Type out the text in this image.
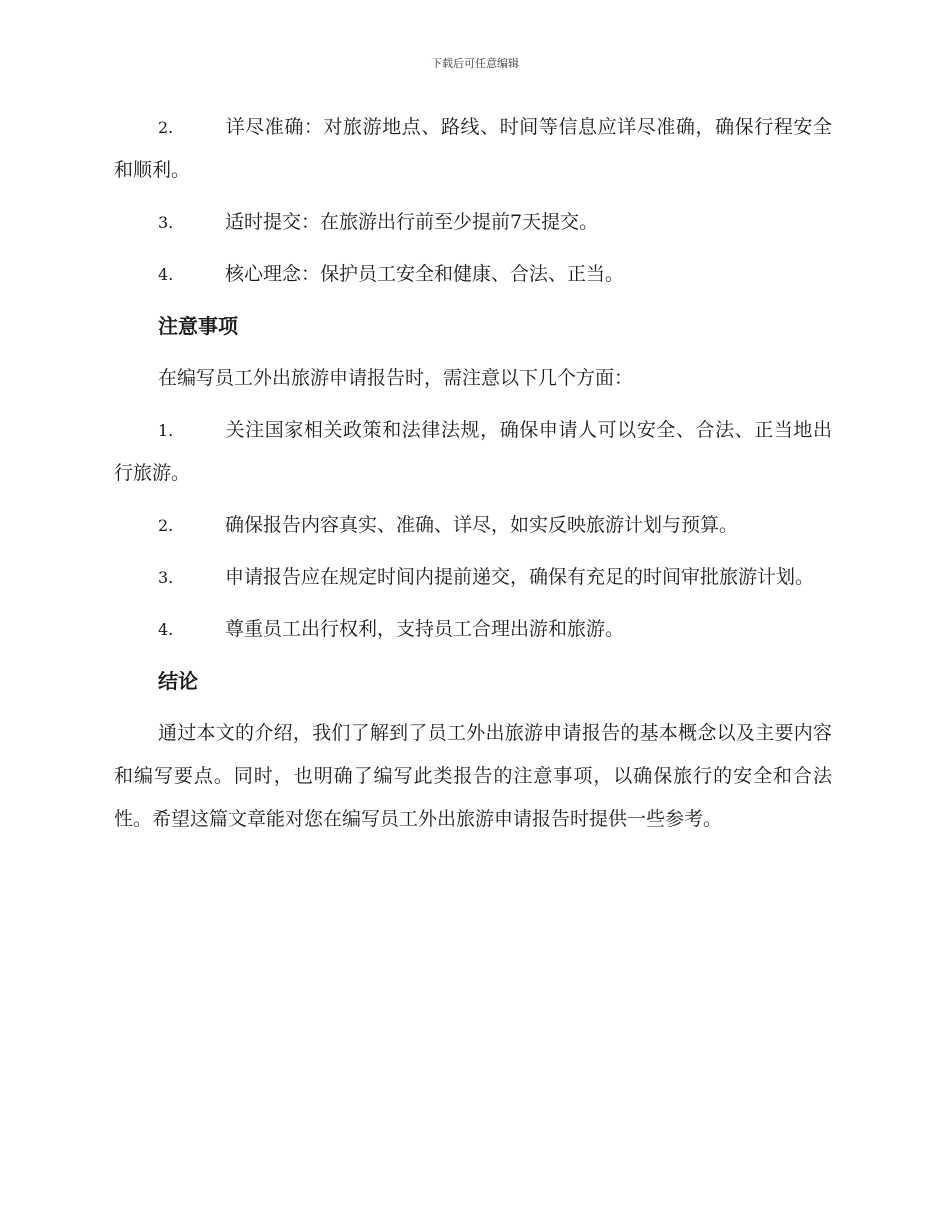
下载后可任意编辑
2.	详尽准确：对旅游地点、路线、时间等信息应详尽准确，确保行程安全和顺利。
3.	适时提交：在旅游出行前至少提前7天提交。
4.	核心理念：保护员工安全和健康、合法、正当。
注意事项
在编写员工外出旅游申请报告时，需注意以下几个方面：
1.	关注国家相关政策和法律法规，确保申请人可以安全、合法、正当地出行旅游。
2.	确保报告内容真实、准确、详尽，如实反映旅游计划与预算。
3.	申请报告应在规定时间内提前递交，确保有充足的时间审批旅游计划。
4.	尊重员工出行权利，支持员工合理出游和旅游。
结论
通过本文的介绍，我们了解到了员工外出旅游申请报告的基本概念以及主要内容和编写要点。同时，也明确了编写此类报告的注意事项，以确保旅行的安全和合法性。希望这篇文章能对您在编写员工外出旅游申请报告时提供一些参考。
